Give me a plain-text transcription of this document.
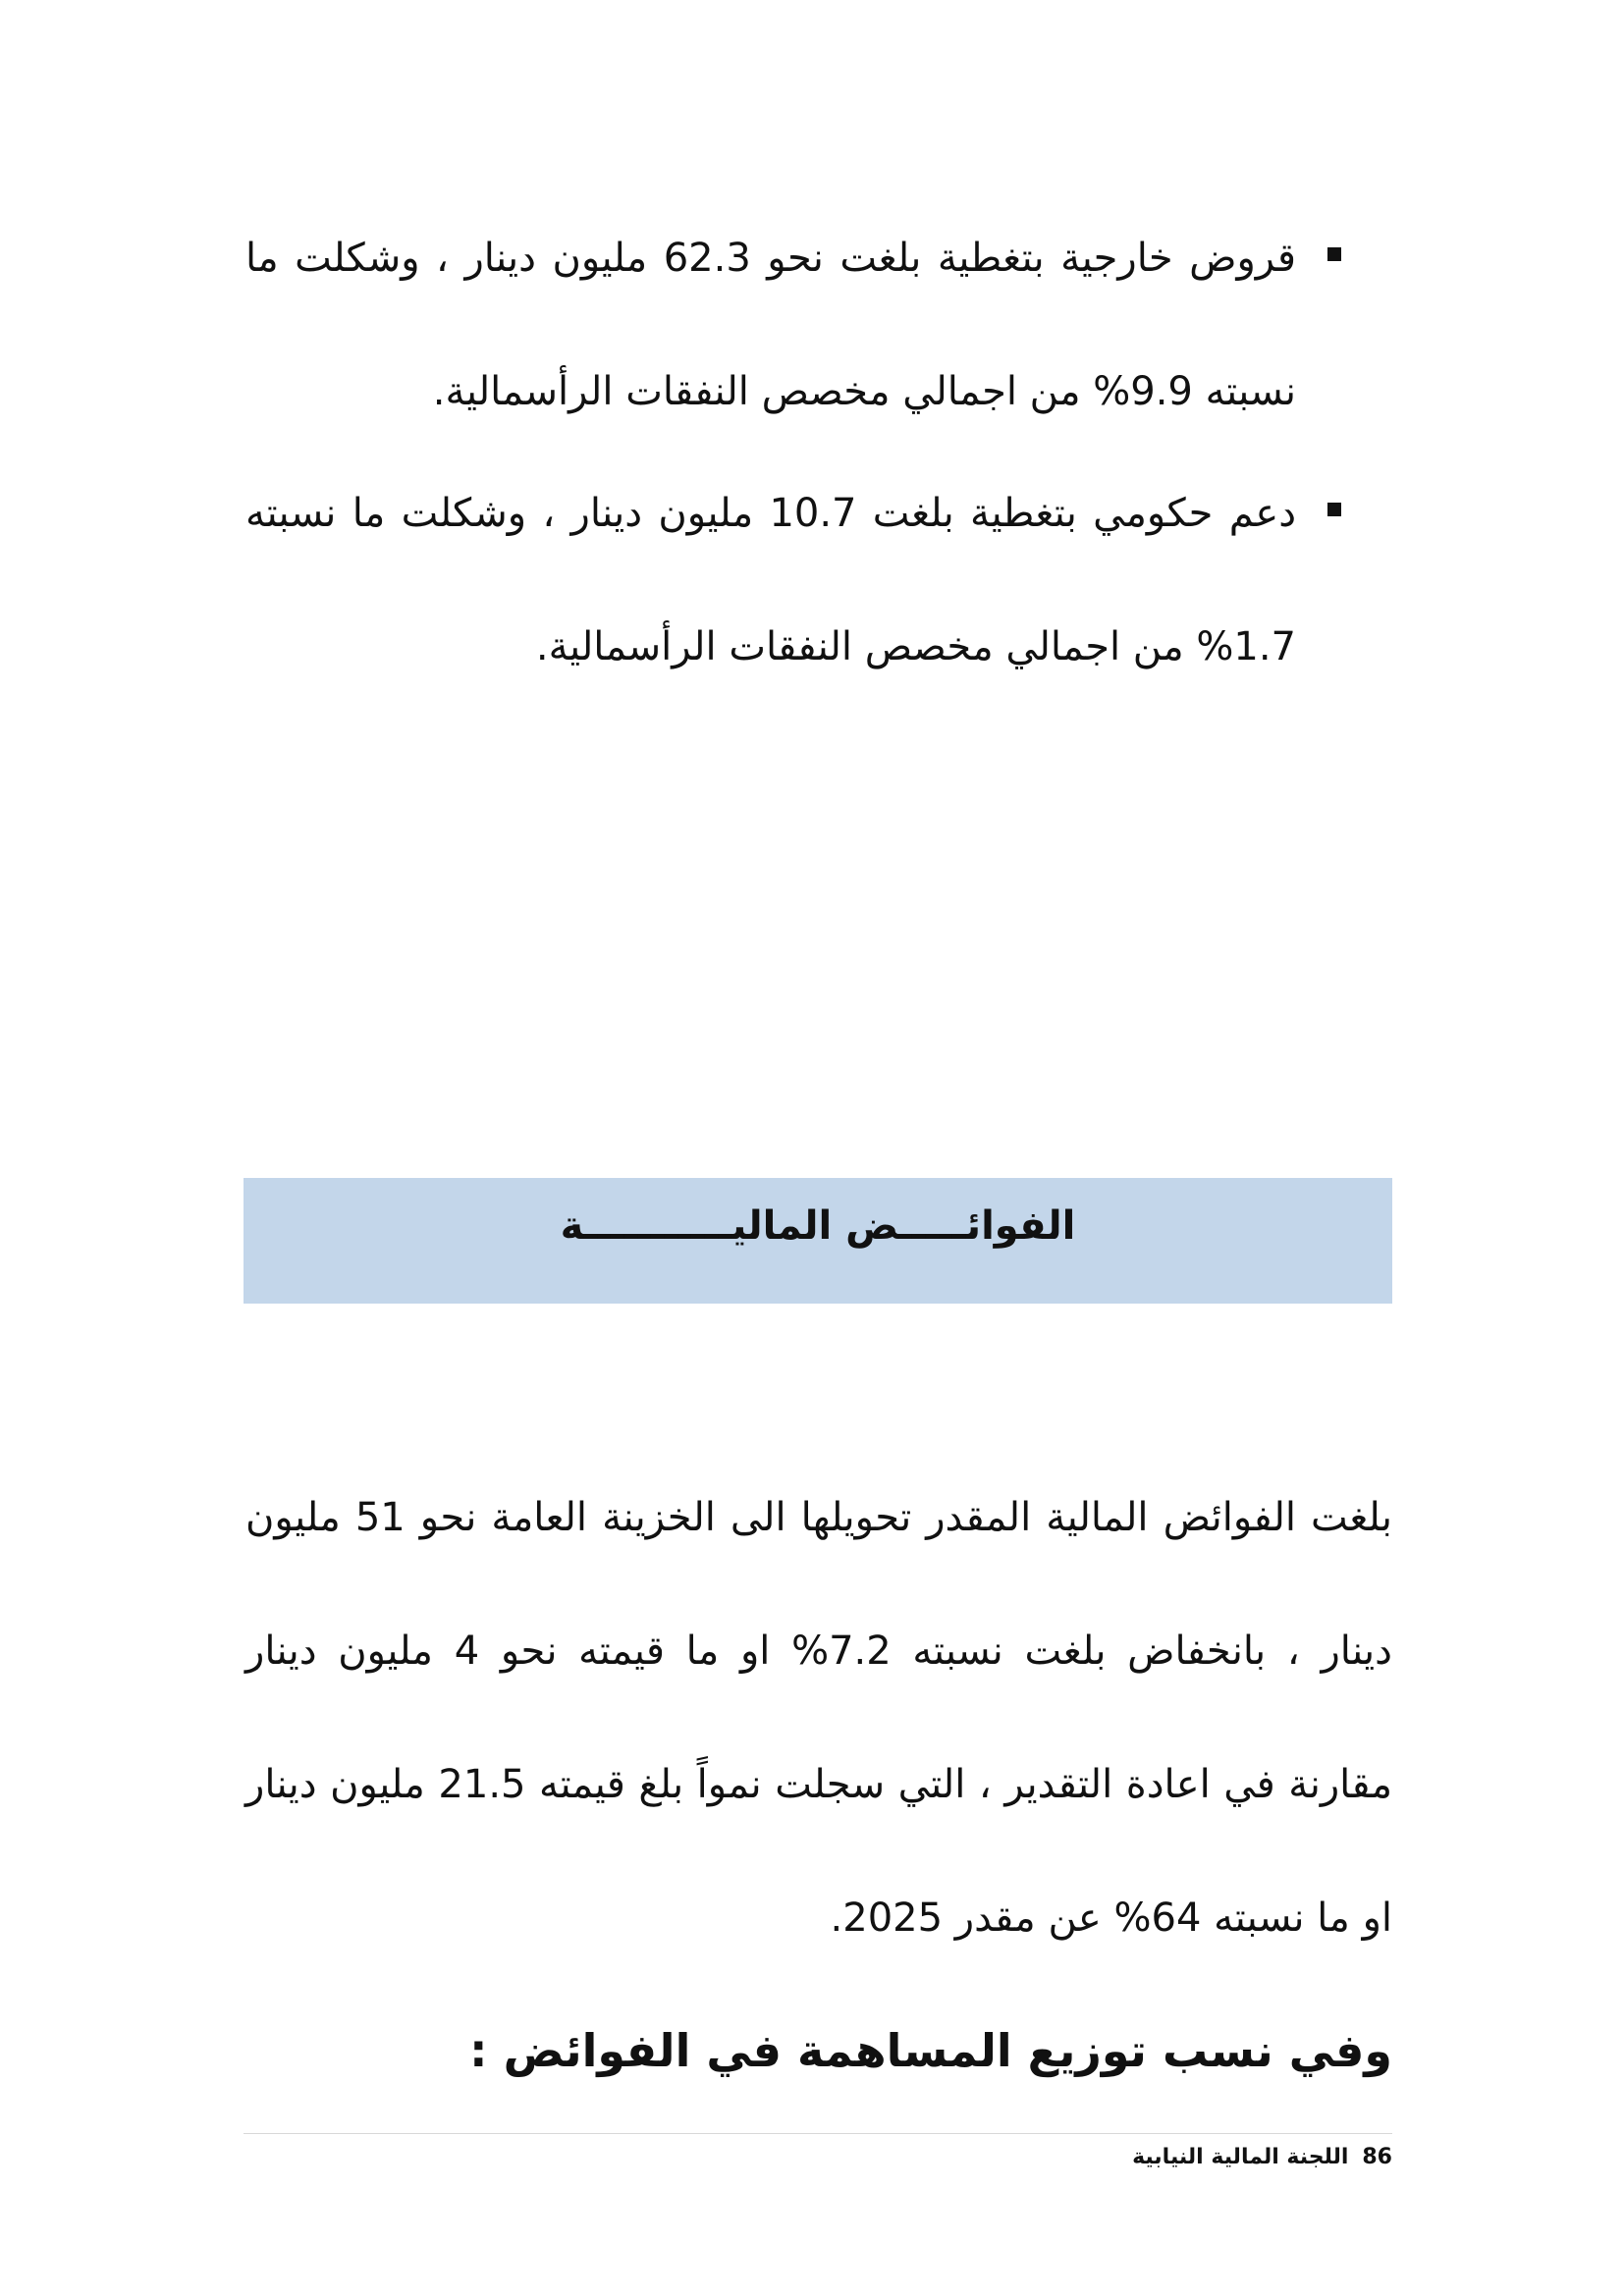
قروض خارجية بتغطية بلغت نحو 62.3 مليون دينار ، وشكلت ما نسبته 9.9% من اجمالي مخصص النفقات الرأسمالية.
دعم حكومي بتغطية بلغت 10.7 مليون دينار ، وشكلت ما نسبته 1.7% من اجمالي مخصص النفقات الرأسمالية.
الفوائـــــض الماليـــــــــــة

بلغت الفوائض المالية المقدر تحويلها الى الخزينة العامة نحو 51 مليون دينار ، بانخفاض بلغت نسبته 7.2% او ما قيمته نحو 4 مليون دينار مقارنة في اعادة التقدير ، التي سجلت نمواً بلغ قيمته 21.5 مليون دينار او ما نسبته 64% عن مقدر 2025.

وفي نسب توزيع المساهمة في الفوائض :
86
اللجنة المالية النيابية
